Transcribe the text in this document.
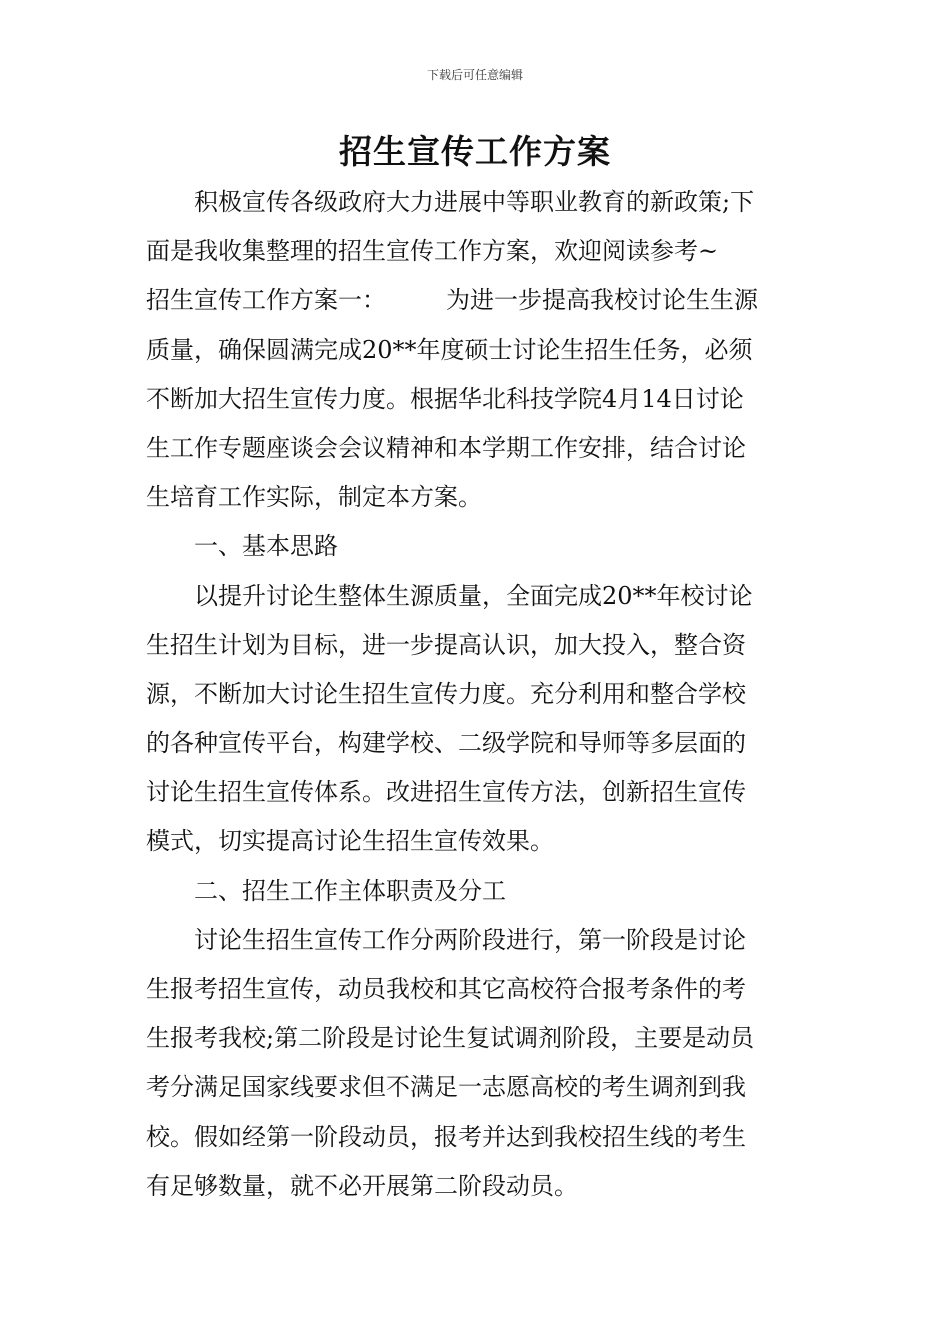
下载后可任意编辑
招生宣传工作方案
　　积极宣传各级政府大力进展中等职业教育的新政策;下
面是我收集整理的招生宣传工作方案，欢迎阅读参考~
招生宣传工作方案一：　　　为进一步提高我校讨论生生源
质量，确保圆满完成20**年度硕士讨论生招生任务，必须
不断加大招生宣传力度。根据华北科技学院4月14日讨论
生工作专题座谈会会议精神和本学期工作安排，结合讨论
生培育工作实际，制定本方案。
　　一、基本思路
　　以提升讨论生整体生源质量，全面完成20**年校讨论
生招生计划为目标，进一步提高认识，加大投入，整合资
源，不断加大讨论生招生宣传力度。充分利用和整合学校
的各种宣传平台，构建学校、二级学院和导师等多层面的
讨论生招生宣传体系。改进招生宣传方法，创新招生宣传
模式，切实提高讨论生招生宣传效果。
　　二、招生工作主体职责及分工
　　讨论生招生宣传工作分两阶段进行，第一阶段是讨论
生报考招生宣传，动员我校和其它高校符合报考条件的考
生报考我校;第二阶段是讨论生复试调剂阶段，主要是动员
考分满足国家线要求但不满足一志愿高校的考生调剂到我
校。假如经第一阶段动员，报考并达到我校招生线的考生
有足够数量，就不必开展第二阶段动员。
